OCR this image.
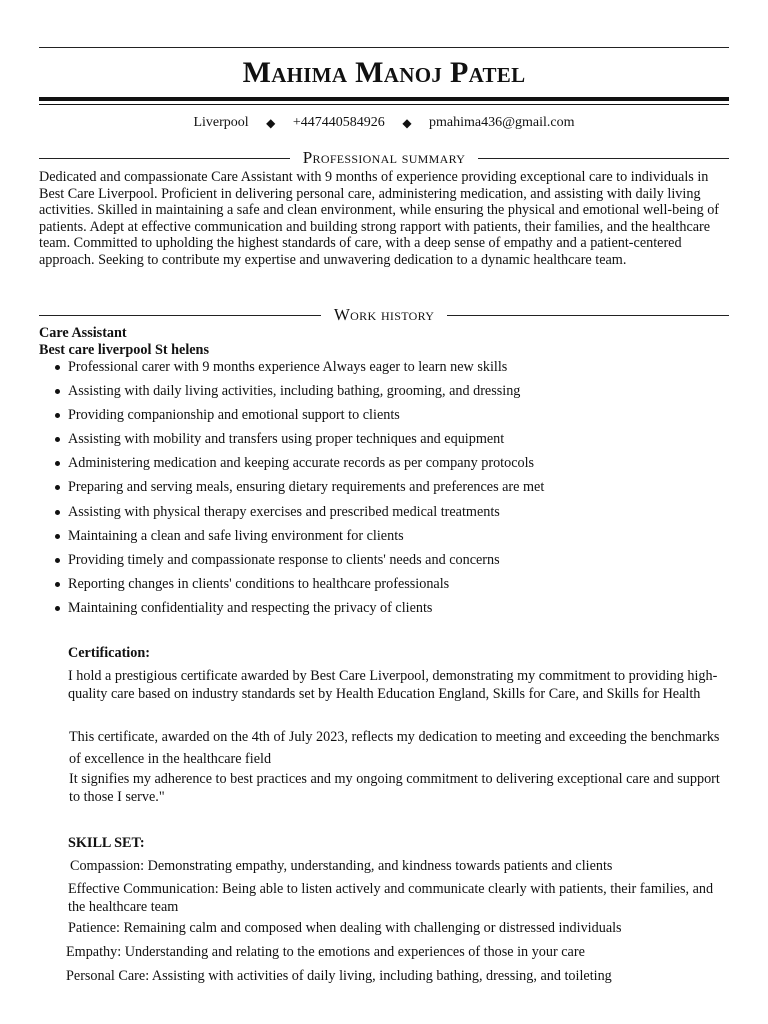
Mahima Manoj Patel
Liverpool ◆ +447440584926 ◆ pmahima436@gmail.com
Professional summary

Dedicated and compassionate Care Assistant with 9 months of experience providing exceptional care to individuals in Best Care Liverpool. Proficient in delivering personal care, administering medication, and assisting with daily living activities. Skilled in maintaining a safe and clean environment, while ensuring the physical and emotional well-being of patients. Adept at effective communication and building strong rapport with patients, their families, and the healthcare team. Committed to upholding the highest standards of care, with a deep sense of empathy and a patient-centered approach. Seeking to contribute my expertise and unwavering dedication to a dynamic healthcare team.

Work history
Care Assistant
Best care liverpool St helens
Professional carer with 9 months experience Always eager to learn new skills
Assisting with daily living activities, including bathing, grooming, and dressing
Providing companionship and emotional support to clients
Assisting with mobility and transfers using proper techniques and equipment
Administering medication and keeping accurate records as per company protocols
Preparing and serving meals, ensuring dietary requirements and preferences are met
Assisting with physical therapy exercises and prescribed medical treatments
Maintaining a clean and safe living environment for clients
Providing timely and compassionate response to clients' needs and concerns
Reporting changes in clients' conditions to healthcare professionals
Maintaining confidentiality and respecting the privacy of clients
Certification:

I hold a prestigious certificate awarded by Best Care Liverpool, demonstrating my commitment to providing high-quality care based on industry standards set by Health Education England, Skills for Care, and Skills for Health

This certificate, awarded on the 4th of July 2023, reflects my dedication to meeting and exceeding the benchmarks of excellence in the healthcare field

It signifies my adherence to best practices and my ongoing commitment to delivering exceptional care and support to those I serve."

SKILL SET:

Compassion: Demonstrating empathy, understanding, and kindness towards patients and clients

Effective Communication: Being able to listen actively and communicate clearly with patients, their families, and the healthcare team

Patience: Remaining calm and composed when dealing with challenging or distressed individuals

Empathy: Understanding and relating to the emotions and experiences of those in your care

Personal Care: Assisting with activities of daily living, including bathing, dressing, and toileting
